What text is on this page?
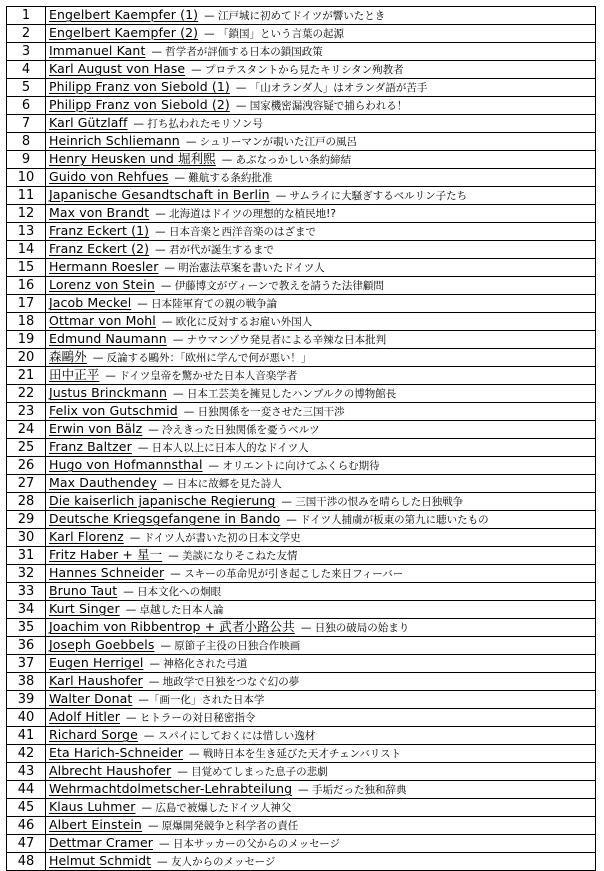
1	Engelbert Kaempfer (1) — 江戸城に初めてドイツが響いたとき
2	Engelbert Kaempfer (2) — 「鎖国」という言葉の起源
3	Immanuel Kant — 哲学者が評価する日本の鎖国政策
4	Karl August von Hase — プロテスタントから見たキリシタン殉教者
5	Philipp Franz von Siebold (1) — 「山オランダ人」はオランダ語が苦手
6	Philipp Franz von Siebold (2) — 国家機密漏洩容疑で捕らわれる！
7	Karl Gützlaff — 打ち払われたモリソン号
8	Heinrich Schliemann — シュリーマンが覗いた江戸の風呂
9	Henry Heusken und 堀利熙 — あぶなっかしい条約締結
10	Guido von Rehfues — 難航する条約批准
11	Japanische Gesandtschaft in Berlin — サムライに大騒ぎするベルリン子たち
12	Max von Brandt — 北海道はドイツの理想的な植民地!?
13	Franz Eckert (1) — 日本音楽と西洋音楽のはざまで
14	Franz Eckert (2) — 君が代が誕生するまで
15	Hermann Roesler — 明治憲法草案を書いたドイツ人
16	Lorenz von Stein — 伊藤博文がヴィーンで教えを請うた法律顧問
17	Jacob Meckel — 日本陸軍育ての親の戦争論
18	Ottmar von Mohl — 欧化に反対するお雇い外国人
19	Edmund Naumann — ナウマンゾウ発見者による辛辣な日本批判
20	森鷗外 — 反論する鷗外：「欧州に学んで何が悪い！」
21	田中正平 — ドイツ皇帝を驚かせた日本人音楽学者
22	Justus Brinckmann — 日本工芸美を擁見したハンブルクの博物館長
23	Felix von Gutschmid — 日独関係を一変させた三国干渉
24	Erwin von Bälz — 冷えきった日独関係を憂うベルツ
25	Franz Baltzer — 日本人以上に日本人的なドイツ人
26	Hugo von Hofmannsthal — オリエントに向けてふくらむ期待
27	Max Dauthendey — 日本に故郷を見た詩人
28	Die kaiserlich japanische Regierung — 三国干渉の恨みを晴らした日独戦争
29	Deutsche Kriegsgefangene in Bando — ドイツ人捕虜が板東の第九に聴いたもの
30	Karl Florenz — ドイツ人が書いた初の日本文学史
31	Fritz Haber + 星一 — 美談になりそこねた友情
32	Hannes Schneider — スキーの革命児が引き起こした来日フィーバー
33	Bruno Taut — 日本文化への炯眼
34	Kurt Singer — 卓越した日本人論
35	Joachim von Ribbentrop + 武者小路公共 — 日独の破局の始まり
36	Joseph Goebbels — 原節子主役の日独合作映画
37	Eugen Herrigel — 神格化された弓道
38	Karl Haushofer — 地政学で日独をつなぐ幻の夢
39	Walter Donat —「画一化」された日本学
40	Adolf Hitler — ヒトラーの対日秘密指令
41	Richard Sorge — スパイにしておくには惜しい逸材
42	Eta Harich-Schneider — 戦時日本を生き延びた天才チェンバリスト
43	Albrecht Haushofer — 目覚めてしまった息子の悲劇
44	Wehrmachtdolmetscher-Lehrabteilung — 手垢だった独和辞典
45	Klaus Luhmer — 広島で被爆したドイツ人神父
46	Albert Einstein — 原爆開発競争と科学者の責任
47	Dettmar Cramer — 日本サッカーの父からのメッセージ
48	Helmut Schmidt — 友人からのメッセージ
